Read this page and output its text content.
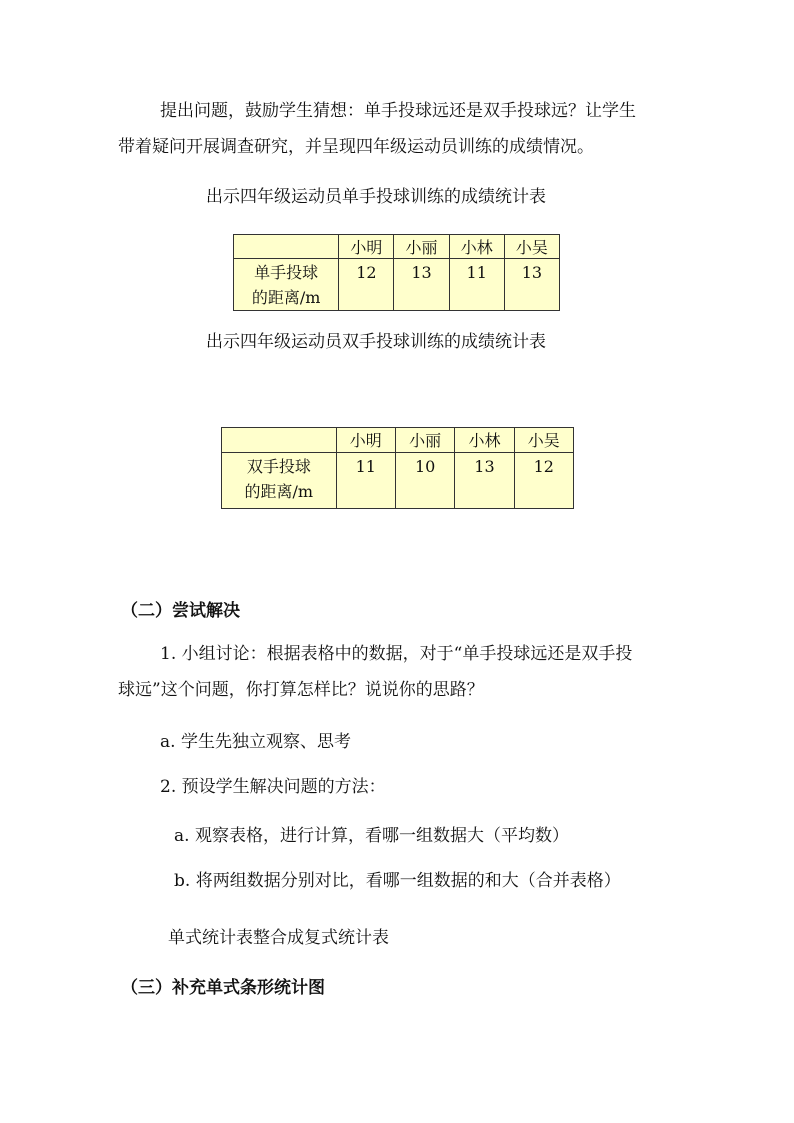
提出问题，鼓励学生猜想：单手投球远还是双手投球远？让学生
带着疑问开展调查研究，并呈现四年级运动员训练的成绩情况。
出示四年级运动员单手投球训练的成绩统计表
	小明	小丽	小林	小吴

单手投球
的距离/m	12	13	11	13
出示四年级运动员双手投球训练的成绩统计表
	小明	小丽	小林	小吴

双手投球
的距离/m	11	10	13	12
（二）尝试解决
1. 小组讨论：根据表格中的数据，对于“单手投球远还是双手投
球远”这个问题，你打算怎样比？说说你的思路？
a. 学生先独立观察、思考
2. 预设学生解决问题的方法：
a. 观察表格，进行计算，看哪一组数据大（平均数）
b. 将两组数据分别对比，看哪一组数据的和大（合并表格）
单式统计表整合成复式统计表
（三）补充单式条形统计图
